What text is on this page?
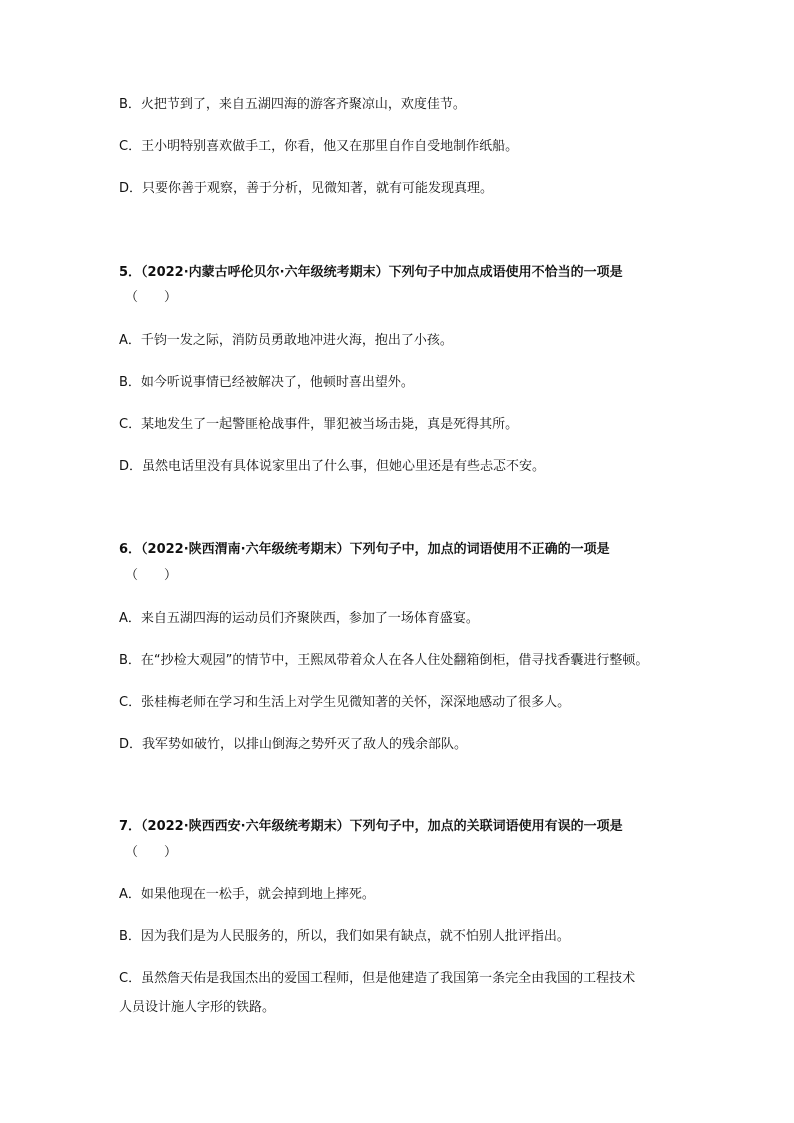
B．火把节到了，来自五湖四海的游客齐聚凉山，欢度佳节。
C．王小明特别喜欢做手工，你看，他又在那里自作自受地制作纸船。
D．只要你善于观察，善于分析，见微知著，就有可能发现真理。
5．（2022·内蒙古呼伦贝尔·六年级统考期末）下列句子中加点成语使用不恰当的一项是
（　　）
A．千钧一发之际，消防员勇敢地冲进火海，抱出了小孩。
B．如今听说事情已经被解决了，他顿时喜出望外。
C．某地发生了一起警匪枪战事件，罪犯被当场击毙，真是死得其所。
D．虽然电话里没有具体说家里出了什么事，但她心里还是有些忐忑不安。
6．（2022·陕西渭南·六年级统考期末）下列句子中，加点的词语使用不正确的一项是
（　　）
A．来自五湖四海的运动员们齐聚陕西，参加了一场体育盛宴。
B．在“抄检大观园”的情节中，王熙凤带着众人在各人住处翻箱倒柜，借寻找香囊进行整顿。
C．张桂梅老师在学习和生活上对学生见微知著的关怀，深深地感动了很多人。
D．我军势如破竹，以排山倒海之势歼灭了敌人的残余部队。
7．（2022·陕西西安·六年级统考期末）下列句子中，加点的关联词语使用有误的一项是
（　　）
A．如果他现在一松手，就会掉到地上摔死。
B．因为我们是为人民服务的，所以，我们如果有缺点，就不怕别人批评指出。
C．虽然詹天佑是我国杰出的爱国工程师，但是他建造了我国第一条完全由我国的工程技术
人员设计施人字形的铁路。
